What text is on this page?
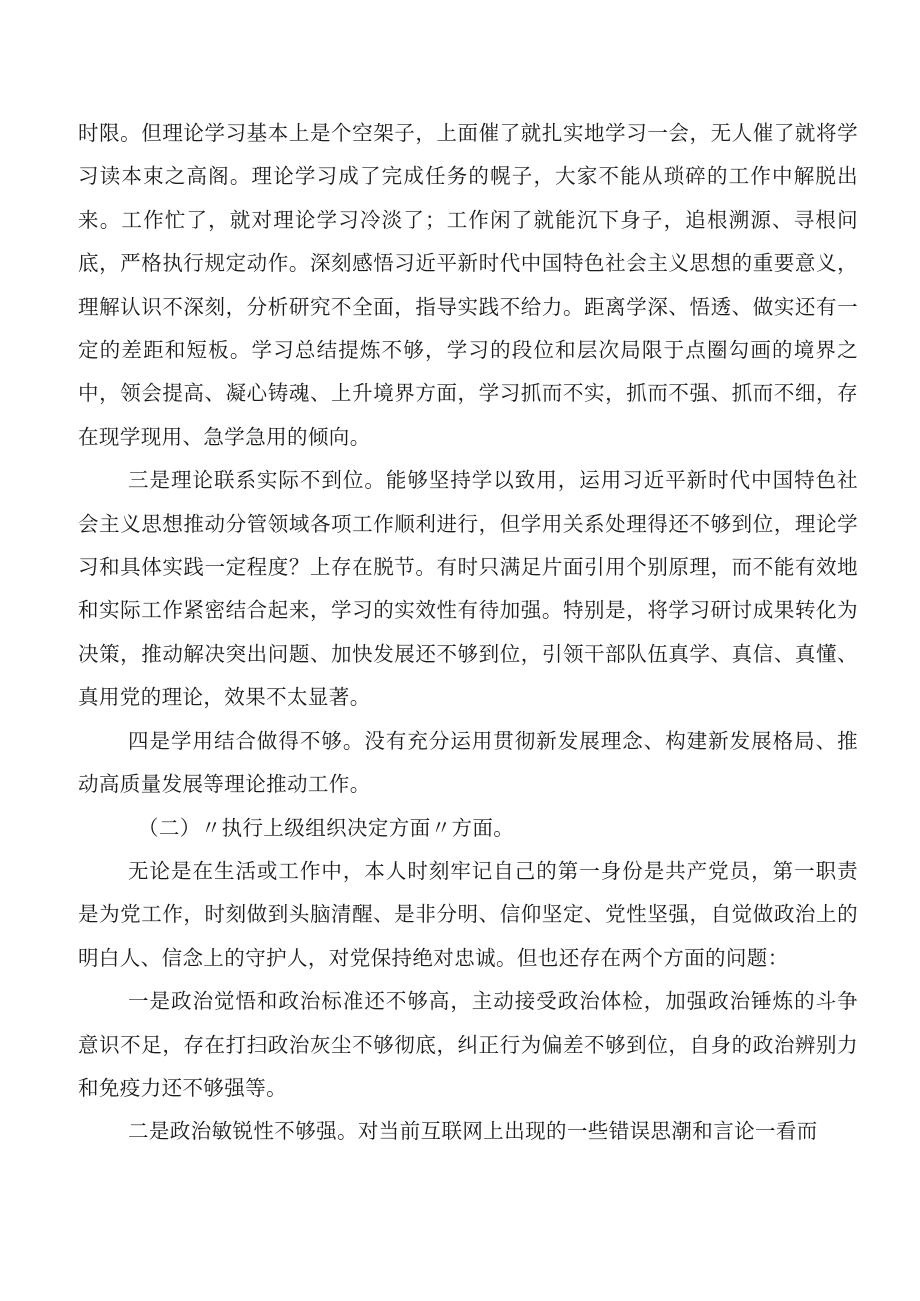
时限。但理论学习基本上是个空架子，上面催了就扎实地学习一会，无人催了就将学习读本束之高阁。理论学习成了完成任务的幌子，大家不能从琐碎的工作中解脱出来。工作忙了，就对理论学习冷淡了；工作闲了就能沉下身子，追根溯源、寻根问底，严格执行规定动作。深刻感悟习近平新时代中国特色社会主义思想的重要意义，理解认识不深刻，分析研究不全面，指导实践不给力。距离学深、悟透、做实还有一定的差距和短板。学习总结提炼不够，学习的段位和层次局限于点圈勾画的境界之中，领会提高、凝心铸魂、上升境界方面，学习抓而不实，抓而不强、抓而不细，存在现学现用、急学急用的倾向。

三是理论联系实际不到位。能够坚持学以致用，运用习近平新时代中国特色社会主义思想推动分管领域各项工作顺利进行，但学用关系处理得还不够到位，理论学习和具体实践一定程度？上存在脱节。有时只满足片面引用个别原理，而不能有效地和实际工作紧密结合起来，学习的实效性有待加强。特别是，将学习研讨成果转化为决策，推动解决突出问题、加快发展还不够到位，引领干部队伍真学、真信、真懂、真用党的理论，效果不太显著。

四是学用结合做得不够。没有充分运用贯彻新发展理念、构建新发展格局、推动高质量发展等理论推动工作。

（二）〃执行上级组织决定方面〃方面。

无论是在生活或工作中，本人时刻牢记自己的第一身份是共产党员，第一职责是为党工作，时刻做到头脑清醒、是非分明、信仰坚定、党性坚强，自觉做政治上的明白人、信念上的守护人，对党保持绝对忠诚。但也还存在两个方面的问题：

一是政治觉悟和政治标准还不够高，主动接受政治体检，加强政治锤炼的斗争意识不足，存在打扫政治灰尘不够彻底，纠正行为偏差不够到位，自身的政治辨别力和免疫力还不够强等。

二是政治敏锐性不够强。对当前互联网上出现的一些错误思潮和言论一看而
